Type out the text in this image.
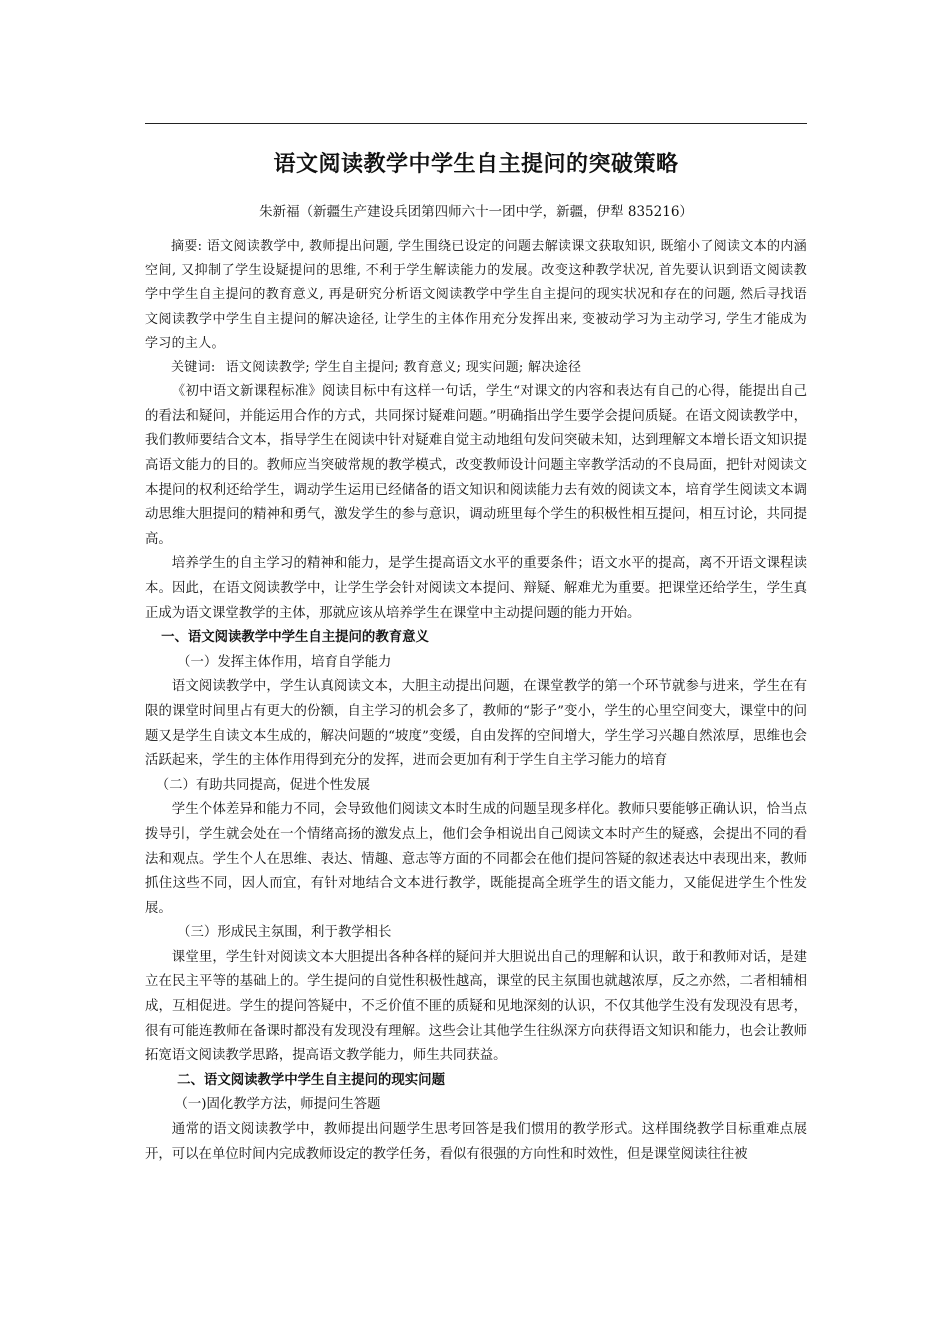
语文阅读教学中学生自主提问的突破策略
朱新福（新疆生产建设兵团第四师六十一团中学，新疆，伊犁 835216）

摘要: 语文阅读教学中, 教师提出问题, 学生围绕已设定的问题去解读课文获取知识, 既缩小了阅读文本的内涵空间, 又抑制了学生设疑提问的思维, 不利于学生解读能力的发展。改变这种教学状况, 首先要认识到语文阅读教学中学生自主提问的教育意义, 再是研究分析语文阅读教学中学生自主提问的现实状况和存在的问题, 然后寻找语文阅读教学中学生自主提问的解决途径, 让学生的主体作用充分发挥出来, 变被动学习为主动学习, 学生才能成为学习的主人。

关键词: 语文阅读教学; 学生自主提问; 教育意义; 现实问题; 解决途径

《初中语文新课程标准》阅读目标中有这样一句话，学生“对课文的内容和表达有自己的心得，能提出自己的看法和疑问，并能运用合作的方式，共同探讨疑难问题。”明确指出学生要学会提问质疑。在语文阅读教学中，我们教师要结合文本，指导学生在阅读中针对疑难自觉主动地组句发问突破未知，达到理解文本增长语文知识提高语文能力的目的。教师应当突破常规的教学模式，改变教师设计问题主宰教学活动的不良局面，把针对阅读文本提问的权利还给学生，调动学生运用已经储备的语文知识和阅读能力去有效的阅读文本，培育学生阅读文本调动思维大胆提问的精神和勇气，激发学生的参与意识，调动班里每个学生的积极性相互提问，相互讨论，共同提高。

培养学生的自主学习的精神和能力，是学生提高语文水平的重要条件；语文水平的提高，离不开语文课程读本。因此，在语文阅读教学中，让学生学会针对阅读文本提问、辩疑、解难尤为重要。把课堂还给学生，学生真正成为语文课堂教学的主体，那就应该从培养学生在课堂中主动提问题的能力开始。

一、语文阅读教学中学生自主提问的教育意义

（一）发挥主体作用，培育自学能力

语文阅读教学中，学生认真阅读文本，大胆主动提出问题，在课堂教学的第一个环节就参与进来，学生在有限的课堂时间里占有更大的份额，自主学习的机会多了，教师的“影子”变小，学生的心里空间变大，课堂中的问题又是学生自读文本生成的，解决问题的“坡度”变缓，自由发挥的空间增大，学生学习兴趣自然浓厚，思维也会活跃起来，学生的主体作用得到充分的发挥，进而会更加有利于学生自主学习能力的培育

（二）有助共同提高，促进个性发展

学生个体差异和能力不同，会导致他们阅读文本时生成的问题呈现多样化。教师只要能够正确认识，恰当点拨导引，学生就会处在一个情绪高扬的激发点上，他们会争相说出自己阅读文本时产生的疑惑，会提出不同的看法和观点。学生个人在思维、表达、情趣、意志等方面的不同都会在他们提问答疑的叙述表达中表现出来，教师抓住这些不同，因人而宜，有针对地结合文本进行教学，既能提高全班学生的语文能力，又能促进学生个性发展。

（三）形成民主氛围，利于教学相长

课堂里，学生针对阅读文本大胆提出各种各样的疑问并大胆说出自己的理解和认识，敢于和教师对话，是建立在民主平等的基础上的。学生提问的自觉性积极性越高，课堂的民主氛围也就越浓厚，反之亦然，二者相辅相成，互相促进。学生的提问答疑中，不乏价值不匪的质疑和见地深刻的认识，不仅其他学生没有发现没有思考，很有可能连教师在备课时都没有发现没有理解。这些会让其他学生往纵深方向获得语文知识和能力，也会让教师拓宽语文阅读教学思路，提高语文教学能力，师生共同获益。

二、语文阅读教学中学生自主提问的现实问题

（一)固化教学方法，师提问生答题

通常的语文阅读教学中，教师提出问题学生思考回答是我们惯用的教学形式。这样围绕教学目标重难点展开，可以在单位时间内完成教师设定的教学任务，看似有很强的方向性和时效性，但是课堂阅读往往被
